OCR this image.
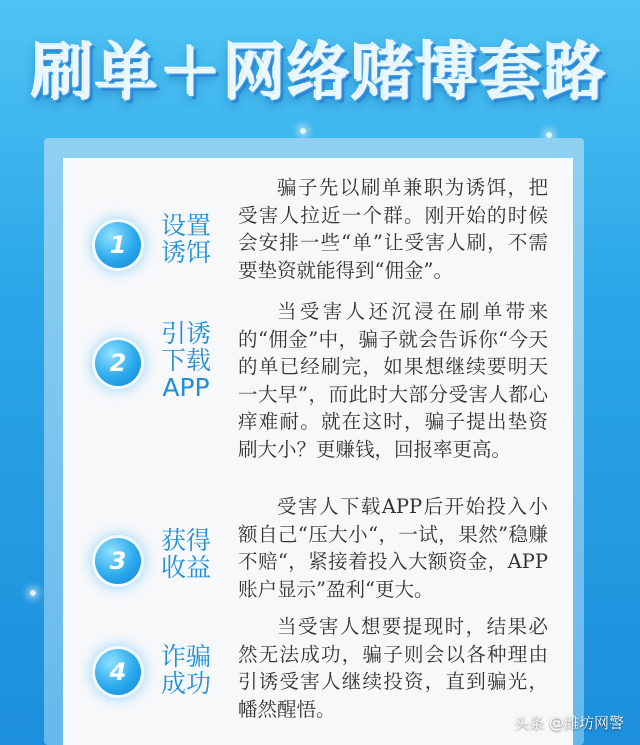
刷单＋网络赌博套路
1
设置诱饵
骗子先以刷单兼职为诱饵，把受害人拉近一个群。刚开始的时候会安排一些“单”让受害人刷，不需要垫资就能得到“佣金”。
2
引诱下载APP
当受害人还沉浸在刷单带来的“佣金”中，骗子就会告诉你“今天的单已经刷完，如果想继续要明天一大早”，而此时大部分受害人都心痒难耐。就在这时，骗子提出垫资刷大小？更赚钱，回报率更高。
3
获得收益
受害人下载APP后开始投入小额自己“压大小“，一试，果然”稳赚不赔“，紧接着投入大额资金，APP账户显示”盈利“更大。
4
诈骗成功
当受害人想要提现时，结果必然无法成功，骗子则会以各种理由引诱受害人继续投资，直到骗光，幡然醒悟。
头条 @潍坊网警
